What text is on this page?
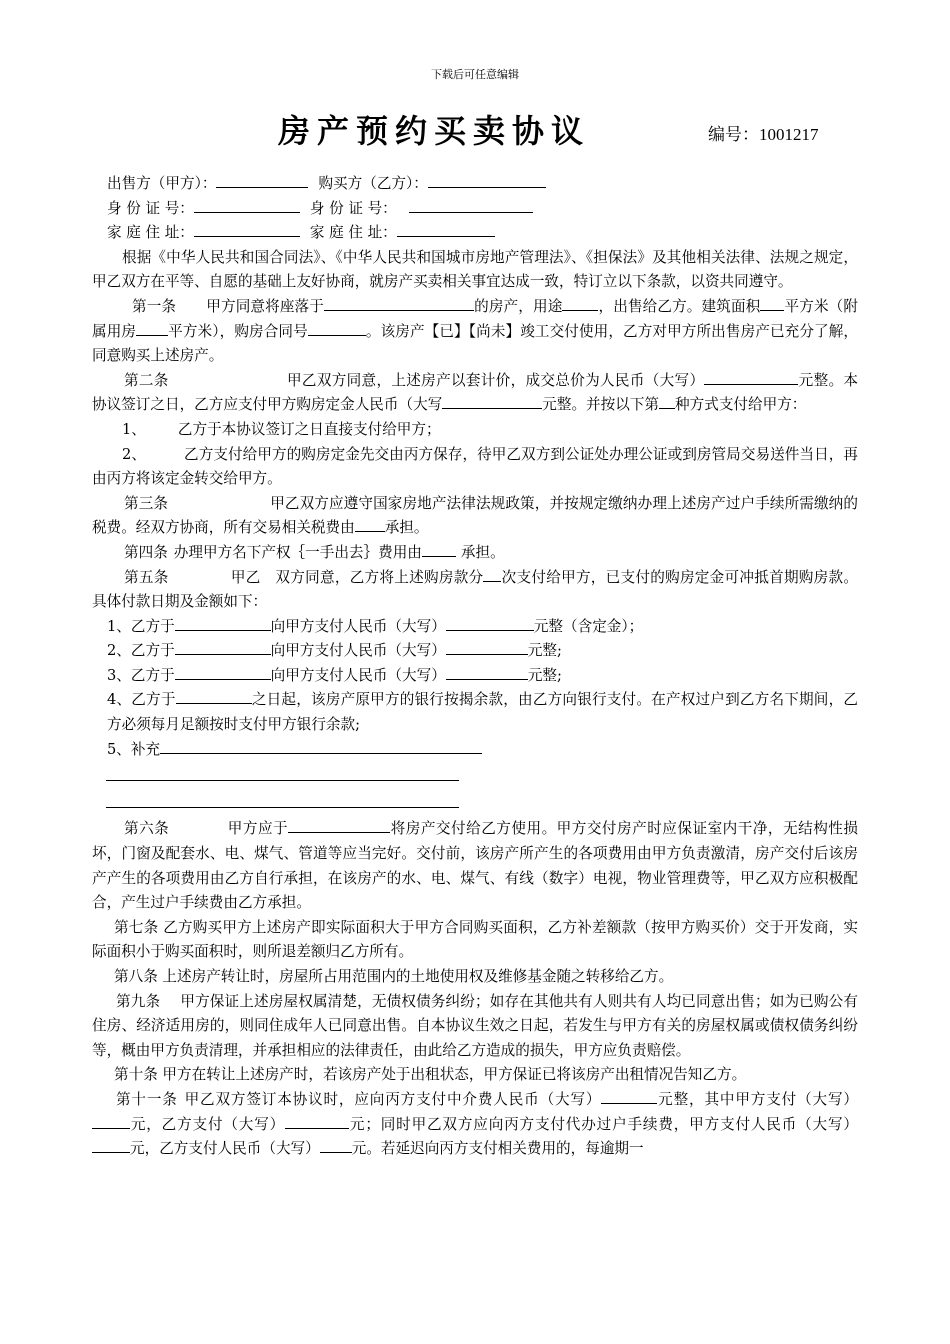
下载后可任意编辑
房产预约买卖协议	编号：1001217

出售方（甲方）：	购买方（乙方）：

身 份 证 号：	身 份 证 号：

家 庭 住 址：	家 庭 住 址：

根据《中华人民共和国合同法》、《中华人民共和国城市房地产管理法》、《担保法》及其他相关法律、法规之规定，甲乙双方在平等、自愿的基础上友好协商，就房产买卖相关事宜达成一致，特订立以下条款，以资共同遵守。

第一条 甲方同意将座落于	的房产，用途 ，出售给乙方。建筑面积 平方米（附属用房 平方米），购房合同号	。该房产【已】【尚未】竣工交付使用，乙方对甲方所出售房产已充分了解，同意购买上述房产。

第二条	甲乙双方同意，上述房产以套计价，成交总价为人民币（大写）	元整。本协议签订之日，乙方应支付甲方购房定金人民币（大写	元整。并按以下第 种方式支付给甲方：

1、 乙方于本协议签订之日直接支付给甲方；

2、	乙方支付给甲方的购房定金先交由丙方保存，待甲乙双方到公证处办理公证或到房管局交易送件当日，再由丙方将该定金转交给甲方。

第三条	甲乙双方应遵守国家房地产法律法规政策，并按规定缴纳办理上述房产过户手续所需缴纳的税费。经双方协商，所有交易相关税费由 承担。

第四条 办理甲方名下产权｛一手出去｝费用由	承担。

第五条	甲乙　双方同意，乙方将上述购房款分 次支付给甲方，已支付的购房定金可冲抵首期购房款。具体付款日期及金额如下：

1、乙方于	向甲方支付人民币（大写）	元整（含定金）；

2、乙方于	向甲方支付人民币（大写）	元整;

3、乙方于	向甲方支付人民币（大写）	元整;

4、乙方于	之日起，该房产原甲方的银行按揭余款，由乙方向银行支付。在产权过户到乙方名下期间，乙方必须每月足额按时支付甲方银行余款;

5、补充

第六条	甲方应于	将房产交付给乙方使用。甲方交付房产时应保证室内干净，无结构性损坏，门窗及配套水、电、煤气、管道等应当完好。交付前，该房产所产生的各项费用由甲方负责激清，房产交付后该房产产生的各项费用由乙方自行承担，在该房产的水、电、煤气、有线（数字）电视，物业管理费等，甲乙双方应积极配合，产生过户手续费由乙方承担。

第七条 乙方购买甲方上述房产即实际面积大于甲方合同购买面积，乙方补差额款（按甲方购买价）交于开发商，实际面积小于购买面积时，则所退差额归乙方所有。

第八条 上述房产转让时，房屋所占用范围内的土地使用权及维修基金随之转移给乙方。

第九条 甲方保证上述房屋权属清楚，无债权债务纠纷；如存在其他共有人则共有人均已同意出售；如为已购公有住房、经济适用房的，则同住成年人已同意出售。自本协议生效之日起，若发生与甲方有关的房屋权属或债权债务纠纷等，概由甲方负责清理，并承担相应的法律责任，由此给乙方造成的损失，甲方应负责赔偿。

第十条 甲方在转让上述房产时，若该房产处于出租状态，甲方保证已将该房产出租情况告知乙方。

第十一条 甲乙双方签订本协议时，应向丙方支付中介费人民币（大写）	元整，其中甲方支付（大写）元，乙方支付（大写）	元；同时甲乙双方应向丙方支付代办过户手续费，甲方支付人民币（大写）元，乙方支付人民币（大写） 元。若延迟向丙方支付相关费用的，每逾期一
